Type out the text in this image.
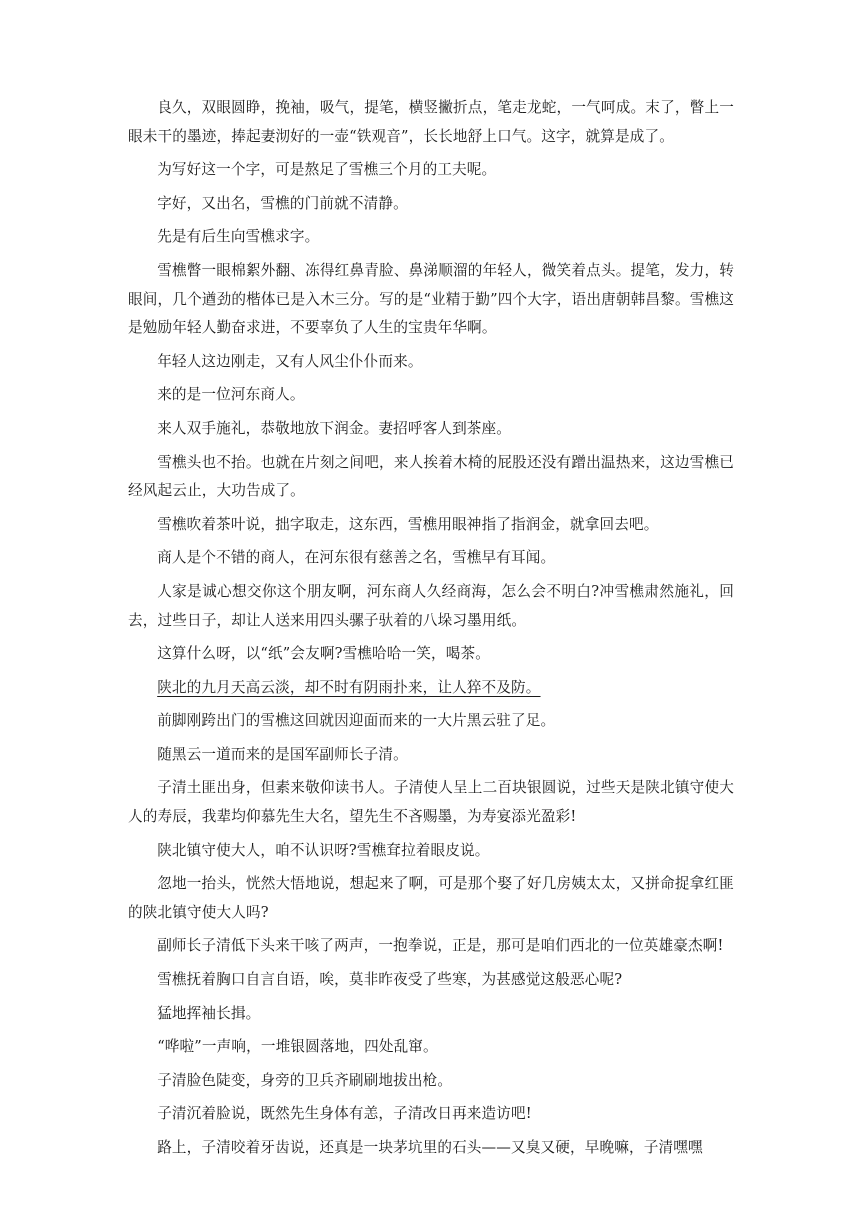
良久，双眼圆睁，挽袖，吸气，提笔，横竖撇折点，笔走龙蛇，一气呵成。末了，瞥上一眼未干的墨迹，捧起妻沏好的一壶“铁观音”，长长地舒上口气。这字，就算是成了。

为写好这一个字，可是熬足了雪樵三个月的工夫呢。

字好，又出名，雪樵的门前就不清静。

先是有后生向雪樵求字。

雪樵瞥一眼棉絮外翻、冻得红鼻青脸、鼻涕顺溜的年轻人，微笑着点头。提笔，发力，转眼间，几个遒劲的楷体已是入木三分。写的是“业精于勤”四个大字，语出唐朝韩昌黎。雪樵这是勉励年轻人勤奋求进，不要辜负了人生的宝贵年华啊。

年轻人这边刚走，又有人风尘仆仆而来。

来的是一位河东商人。

来人双手施礼，恭敬地放下润金。妻招呼客人到茶座。

雪樵头也不抬。也就在片刻之间吧，来人挨着木椅的屁股还没有蹭出温热来，这边雪樵已经风起云止，大功告成了。

雪樵吹着茶叶说，拙字取走，这东西，雪樵用眼神指了指润金，就拿回去吧。

商人是个不错的商人，在河东很有慈善之名，雪樵早有耳闻。

人家是诚心想交你这个朋友啊，河东商人久经商海，怎么会不明白?冲雪樵肃然施礼，回去，过些日子，却让人送来用四头骡子驮着的八垛习墨用纸。

这算什么呀，以“纸”会友啊?雪樵哈哈一笑，喝茶。

陕北的九月天高云淡，却不时有阴雨扑来，让人猝不及防。

前脚刚跨出门的雪樵这回就因迎面而来的一大片黑云驻了足。

随黑云一道而来的是国军副师长子清。

子清土匪出身，但素来敬仰读书人。子清使人呈上二百块银圆说，过些天是陕北镇守使大人的寿辰，我辈均仰慕先生大名，望先生不吝赐墨，为寿宴添光盈彩!

陕北镇守使大人，咱不认识呀?雪樵耷拉着眼皮说。

忽地一抬头，恍然大悟地说，想起来了啊，可是那个娶了好几房姨太太，又拼命捉拿红匪的陕北镇守使大人吗?

副师长子清低下头来干咳了两声，一抱拳说，正是，那可是咱们西北的一位英雄豪杰啊!

雪樵抚着胸口自言自语，唉，莫非昨夜受了些寒，为甚感觉这般恶心呢?

猛地挥袖长揖。

“哗啦”一声响，一堆银圆落地，四处乱窜。

子清脸色陡变，身旁的卫兵齐刷刷地拔出枪。

子清沉着脸说，既然先生身体有恙，子清改日再来造访吧!

路上，子清咬着牙齿说，还真是一块茅坑里的石头——又臭又硬，早晚嘛，子清嘿嘿
